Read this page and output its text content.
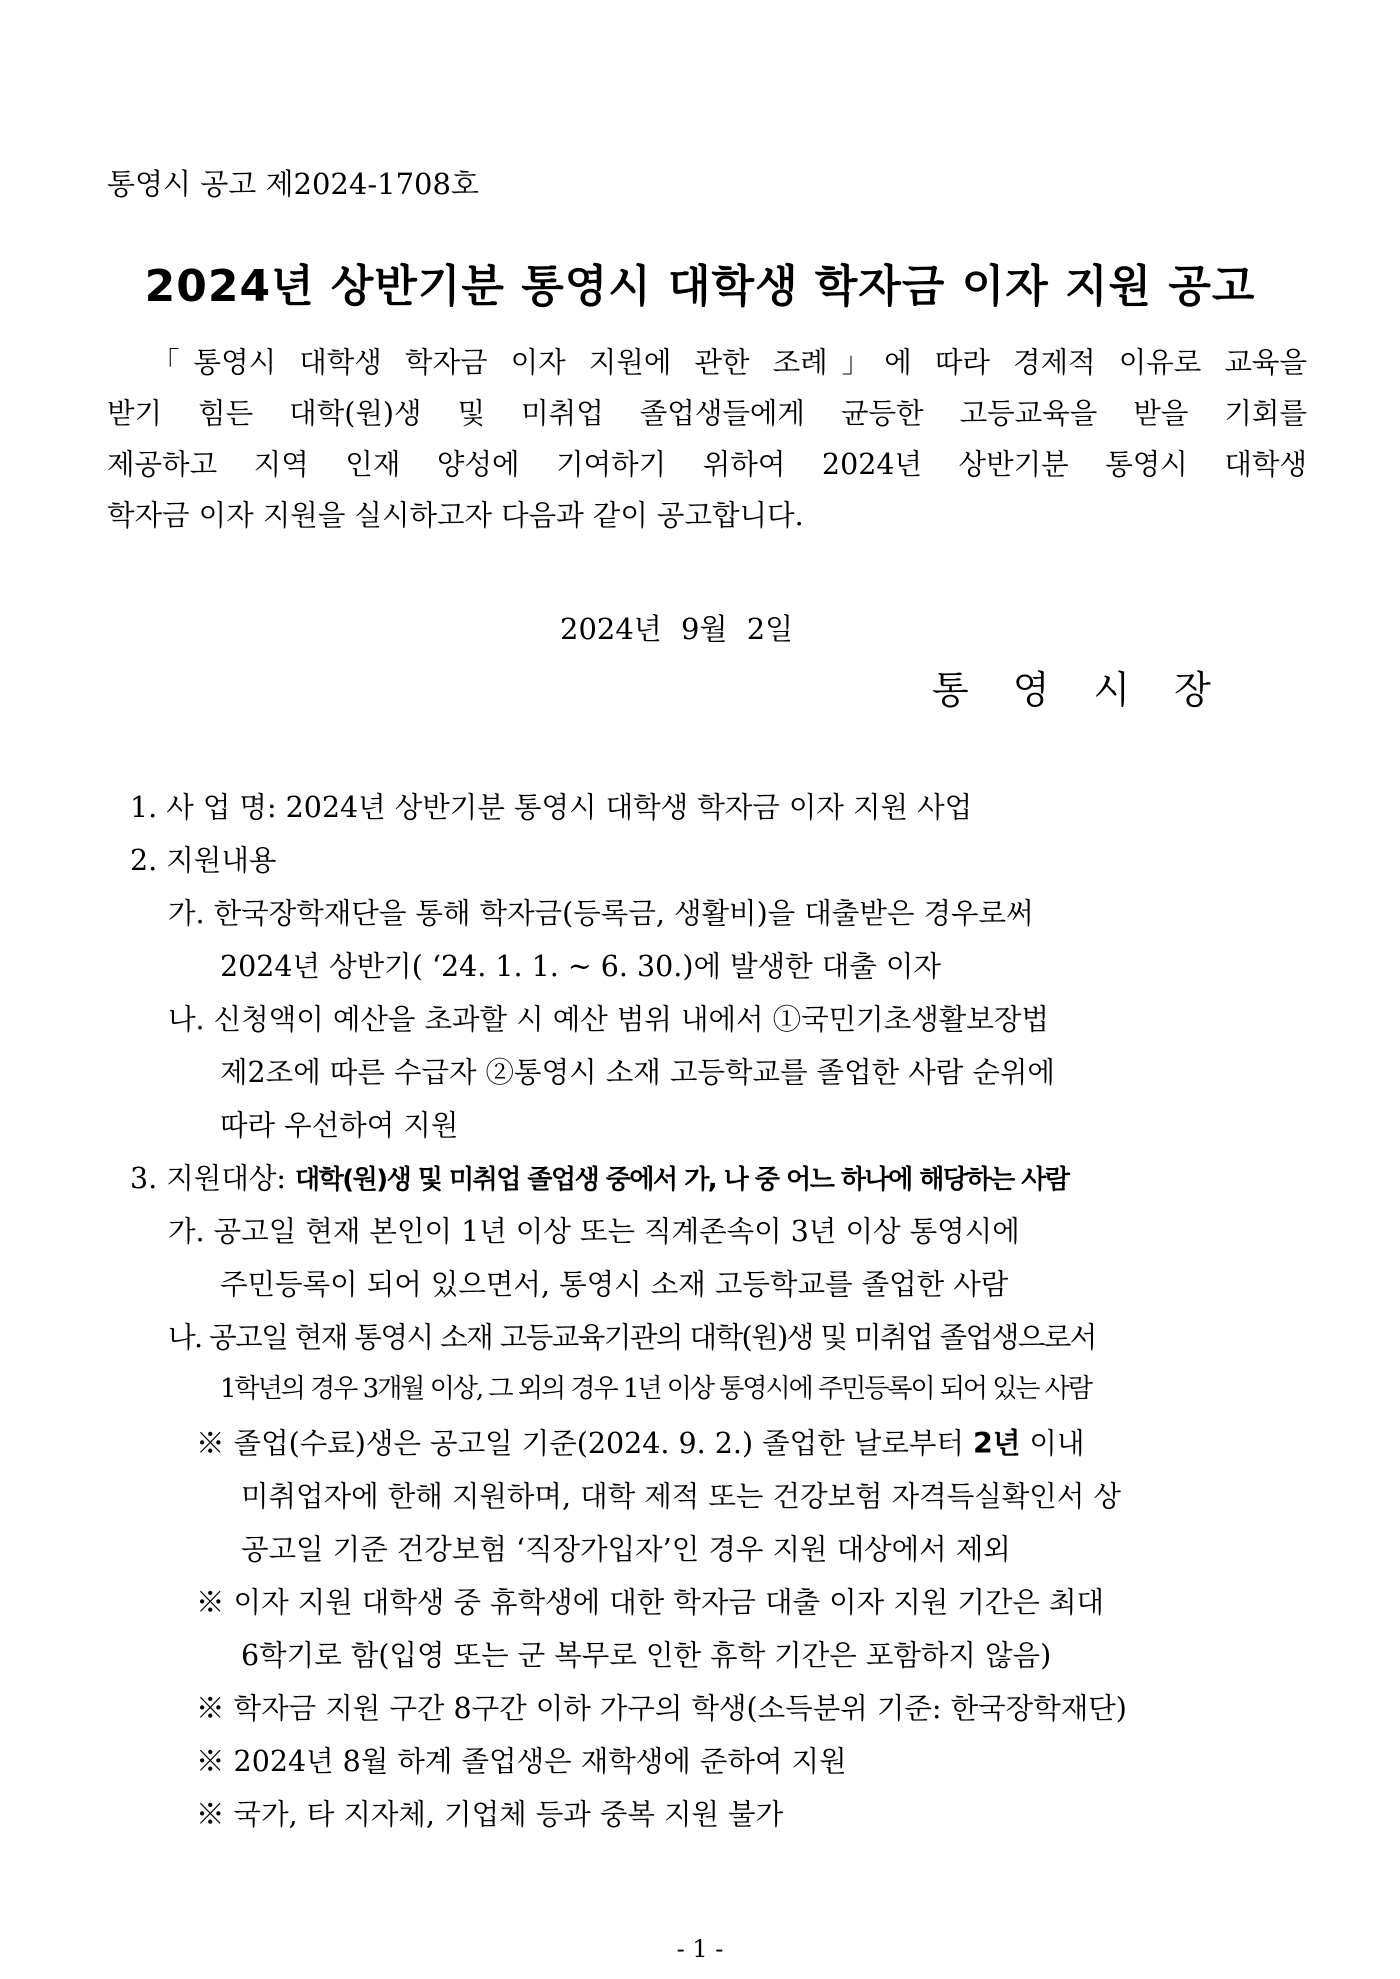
통영시 공고 제2024-1708호
2024년 상반기분 통영시 대학생 학자금 이자 지원 공고

「통영시 대학생 학자금 이자 지원에 관한 조례」에 따라 경제적 이유로 교육을

받기 힘든 대학(원)생 및 미취업 졸업생들에게 균등한 고등교육을 받을 기회를

제공하고 지역 인재 양성에 기여하기 위하여 2024년 상반기분 통영시 대학생

학자금 이자 지원을 실시하고자 다음과 같이 공고합니다.

2024년 9월 2일
통영시장
1. 사 업 명: 2024년 상반기분 통영시 대학생 학자금 이자 지원 사업
2. 지원내용
가. 한국장학재단을 통해 학자금(등록금, 생활비)을 대출받은 경우로써
2024년 상반기( ‘24. 1. 1. ~ 6. 30.)에 발생한 대출 이자
나. 신청액이 예산을 초과할 시 예산 범위 내에서 ①국민기초생활보장법
제2조에 따른 수급자 ②통영시 소재 고등학교를 졸업한 사람 순위에
따라 우선하여 지원
3. 지원대상: 대학(원)생 및 미취업 졸업생 중에서 가, 나 중 어느 하나에 해당하는 사람
가. 공고일 현재 본인이 1년 이상 또는 직계존속이 3년 이상 통영시에
주민등록이 되어 있으면서, 통영시 소재 고등학교를 졸업한 사람
나. 공고일 현재 통영시 소재 고등교육기관의 대학(원)생 및 미취업 졸업생으로서
1학년의 경우 3개월 이상, 그 외의 경우 1년 이상 통영시에 주민등록이 되어 있는 사람
※ 졸업(수료)생은 공고일 기준(2024. 9. 2.) 졸업한 날로부터 2년 이내
미취업자에 한해 지원하며, 대학 제적 또는 건강보험 자격득실확인서 상
공고일 기준 건강보험 ‘직장가입자’인 경우 지원 대상에서 제외
※ 이자 지원 대학생 중 휴학생에 대한 학자금 대출 이자 지원 기간은 최대
6학기로 함(입영 또는 군 복무로 인한 휴학 기간은 포함하지 않음)
※ 학자금 지원 구간 8구간 이하 가구의 학생(소득분위 기준: 한국장학재단)
※ 2024년 8월 하계 졸업생은 재학생에 준하여 지원
※ 국가, 타 지자체, 기업체 등과 중복 지원 불가
- 1 -
